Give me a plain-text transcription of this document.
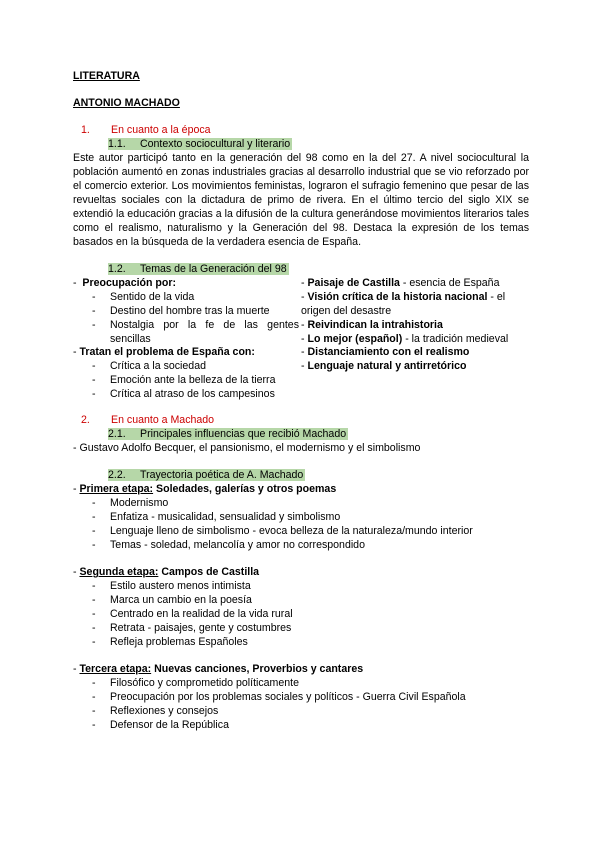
LITERATURA
ANTONIO MACHADO
1. En cuanto a la época
1.1. Contexto sociocultural y literario

Este autor participó tanto en la generación del 98 como en la del 27. A nivel sociocultural la población aumentó en zonas industriales gracias al desarrollo industrial que se vio reforzado por el comercio exterior. Los movimientos feministas, lograron el sufragio femenino que pesar de las revueltas sociales con la dictadura de primo de rivera. En el último tercio del siglo XIX se extendió la educación gracias a la difusión de la cultura generándose movimientos literarios tales como el realismo, naturalismo y la Generación del 98. Destaca la expresión de los temas basados en la búsqueda de la verdadera esencia de España.

1.2. Temas de la Generación del 98
-  Preocupación por:
- Sentido de la vida
- Destino del hombre tras la muerte
- Nostalgia por la fe de las gentes sencillas
- Tratan el problema de España con:
- Crítica a la sociedad
- Emoción ante la belleza de la tierra
- Crítica al atraso de los campesinos
- Paisaje de Castilla - esencia de España
- Visión crítica de la historia nacional - el origen del desastre
- Reivindican la intrahistoria
- Lo mejor (español) - la tradición medieval
- Distanciamiento con el realismo
- Lenguaje natural y antirretórico
2. En cuanto a Machado
2.1. Principales influencias que recibió Machado
- Gustavo Adolfo Becquer, el pansionismo, el modernismo y el simbolismo
2.2. Trayectoria poética de A. Machado
- Primera etapa: Soledades, galerías y otros poemas
- Modernismo
- Enfatiza - musicalidad, sensualidad y simbolismo
- Lenguaje lleno de simbolismo - evoca belleza de la naturaleza/mundo interior
- Temas - soledad, melancolía y amor no correspondido
- Segunda etapa: Campos de Castilla
- Estilo austero menos intimista
- Marca un cambio en la poesía
- Centrado en la realidad de la vida rural
- Retrata - paisajes, gente y costumbres
- Refleja problemas Españoles
- Tercera etapa: Nuevas canciones, Proverbios y cantares
- Filosófico y comprometido políticamente
- Preocupación por los problemas sociales y políticos - Guerra Civil Española
- Reflexiones y consejos
- Defensor de la República
